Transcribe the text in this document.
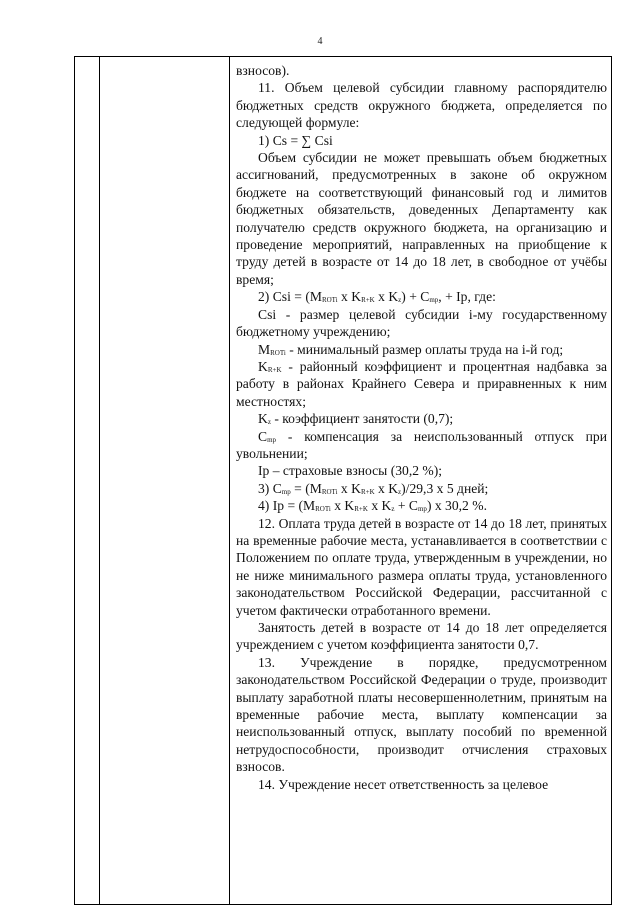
4

взносов).

11. Объем целевой субсидии главному распорядителю бюджетных средств окружного бюджета, определяется по следующей формуле:

1) Cs = ∑ Csi

Объем субсидии не может превышать объем бюджетных ассигнований, предусмотренных в законе об окружном бюджете на соответствующий финансовый год и лимитов бюджетных обязательств, доведенных Департаменту как получателю средств окружного бюджета, на организацию и проведение мероприятий, направленных на приобщение к труду детей в возрасте от 14 до 18 лет, в свободное от учёбы время;

2) Csi = ($M_{ROTi}$ x $K_{R+K}$ x $K_z) + C_{mp}$, + Ip, где:

Csi - размер целевой субсидии i-му государственному бюджетному учреждению;

$M_{ROTi}$ - минимальный размер оплаты труда на i-й год;

$K_{R+K}$ - районный коэффициент и процентная надбавка за работу в районах Крайнего Севера и приравненных к ним местностях;

$K_z$ - коэффициент занятости (0,7);

$C_{mp}$ - компенсация за неиспользованный отпуск при увольнении;

Ip – страховые взносы (30,2 %);

3) $C_{mp} = (M_{ROTi}$ x $K_{R+K}$ x $K_z)/29,3$ x 5 дней;

4) $Ip = (M_{ROTi}$ x $K_{R+K}$ x $K_z + C_{mp}$) x 30,2 %.

12. Оплата труда детей в возрасте от 14 до 18 лет, принятых на временные рабочие места, устанавливается в соответствии с Положением по оплате труда, утвержденным в учреждении, но не ниже минимального размера оплаты труда, установленного законодательством Российской Федерации, рассчитанной с учетом фактически отработанного времени.

Занятость детей в возрасте от 14 до 18 лет определяется учреждением с учетом коэффициента занятости 0,7.

13. Учреждение в порядке, предусмотренном законодательством Российской Федерации о труде, производит выплату заработной платы несовершеннолетним, принятым на временные рабочие места, выплату компенсации за неиспользованный отпуск, выплату пособий по временной нетрудоспособности, производит отчисления страховых взносов.

14. Учреждение несет ответственность за целевое
